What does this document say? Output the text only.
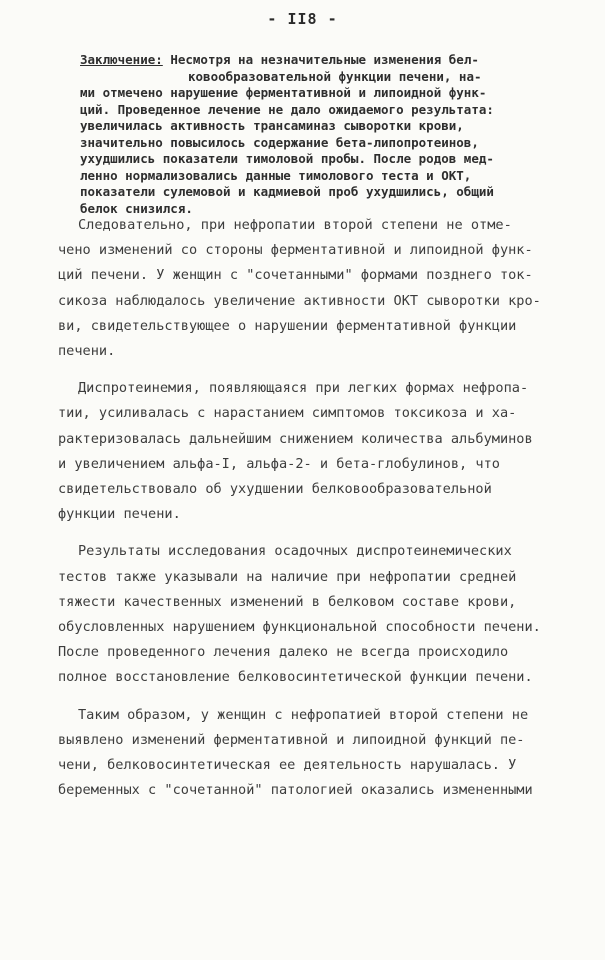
- II8 -
Заключение: Несмотря на незначительные изменения бел-
ковообразовательной функции печени, на-
ми отмечено нарушение ферментативной и липоидной функ-
ций. Проведенное лечение не дало ожидаемого результата:
увеличилась активность трансаминаз сыворотки крови,
значительно повысилось содержание бета-липопротеинов,
ухудшились показатели тимоловой пробы. После родов мед-
ленно нормализовались данные тимолового теста и ОКТ,
показатели сулемовой и кадмиевой проб ухудшились, общий
белок снизился.
Следовательно, при нефропатии второй степени не отме-
чено изменений со стороны ферментативной и липоидной функ-
ций печени. У женщин с "сочетанными" формами позднего ток-
сикоза наблюдалось увеличение активности ОКТ сыворотки кро-
ви, свидетельствующее о нарушении ферментативной функции
печени.
Диспротеинемия, появляющаяся при легких формах нефропа-
тии, усиливалась с нарастанием симптомов токсикоза и ха-
рактеризовалась дальнейшим снижением количества альбуминов
и увеличением альфа-I, альфа-2- и бета-глобулинов, что
свидетельствовало об ухудшении белковообразовательной
функции печени.
Результаты исследования осадочных диспротеинемических
тестов также указывали на наличие при нефропатии средней
тяжести качественных изменений в белковом составе крови,
обусловленных нарушением функциональной способности печени.
После проведенного лечения далеко не всегда происходило
полное восстановление белковосинтетической функции печени.
Таким образом, у женщин с нефропатией второй степени не
выявлено изменений ферментативной и липоидной функций пе-
чени, белковосинтетическая ее деятельность нарушалась. У
беременных с "сочетанной" патологией оказались измененными
